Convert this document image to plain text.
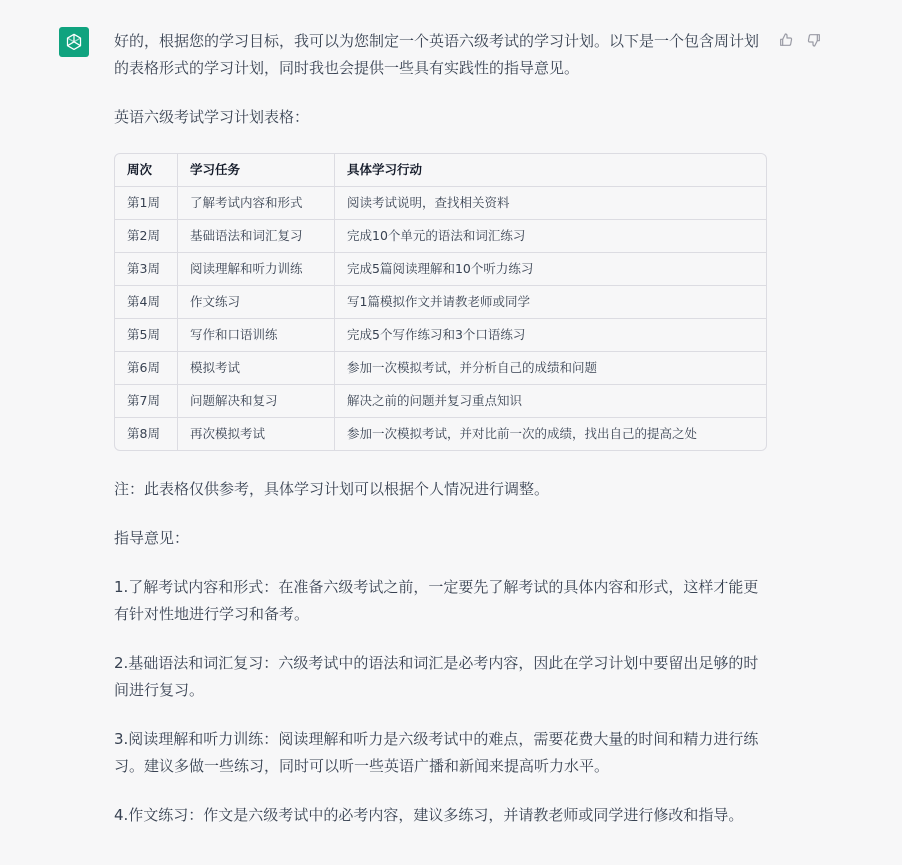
好的，根据您的学习目标，我可以为您制定一个英语六级考试的学习计划。以下是一个包含周计划的表格形式的学习计划，同时我也会提供一些具有实践性的指导意见。

英语六级考试学习计划表格：

周次	学习任务	具体学习行动
第1周	了解考试内容和形式	阅读考试说明，查找相关资料
第2周	基础语法和词汇复习	完成10个单元的语法和词汇练习
第3周	阅读理解和听力训练	完成5篇阅读理解和10个听力练习
第4周	作文练习	写1篇模拟作文并请教老师或同学
第5周	写作和口语训练	完成5个写作练习和3个口语练习
第6周	模拟考试	参加一次模拟考试，并分析自己的成绩和问题
第7周	问题解决和复习	解决之前的问题并复习重点知识
第8周	再次模拟考试	参加一次模拟考试，并对比前一次的成绩，找出自己的提高之处

注：此表格仅供参考，具体学习计划可以根据个人情况进行调整。

指导意见：

1.了解考试内容和形式：在准备六级考试之前，一定要先了解考试的具体内容和形式，这样才能更有针对性地进行学习和备考。

2.基础语法和词汇复习：六级考试中的语法和词汇是必考内容，因此在学习计划中要留出足够的时间进行复习。

3.阅读理解和听力训练：阅读理解和听力是六级考试中的难点，需要花费大量的时间和精力进行练习。建议多做一些练习，同时可以听一些英语广播和新闻来提高听力水平。

4.作文练习：作文是六级考试中的必考内容，建议多练习，并请教老师或同学进行修改和指导。
